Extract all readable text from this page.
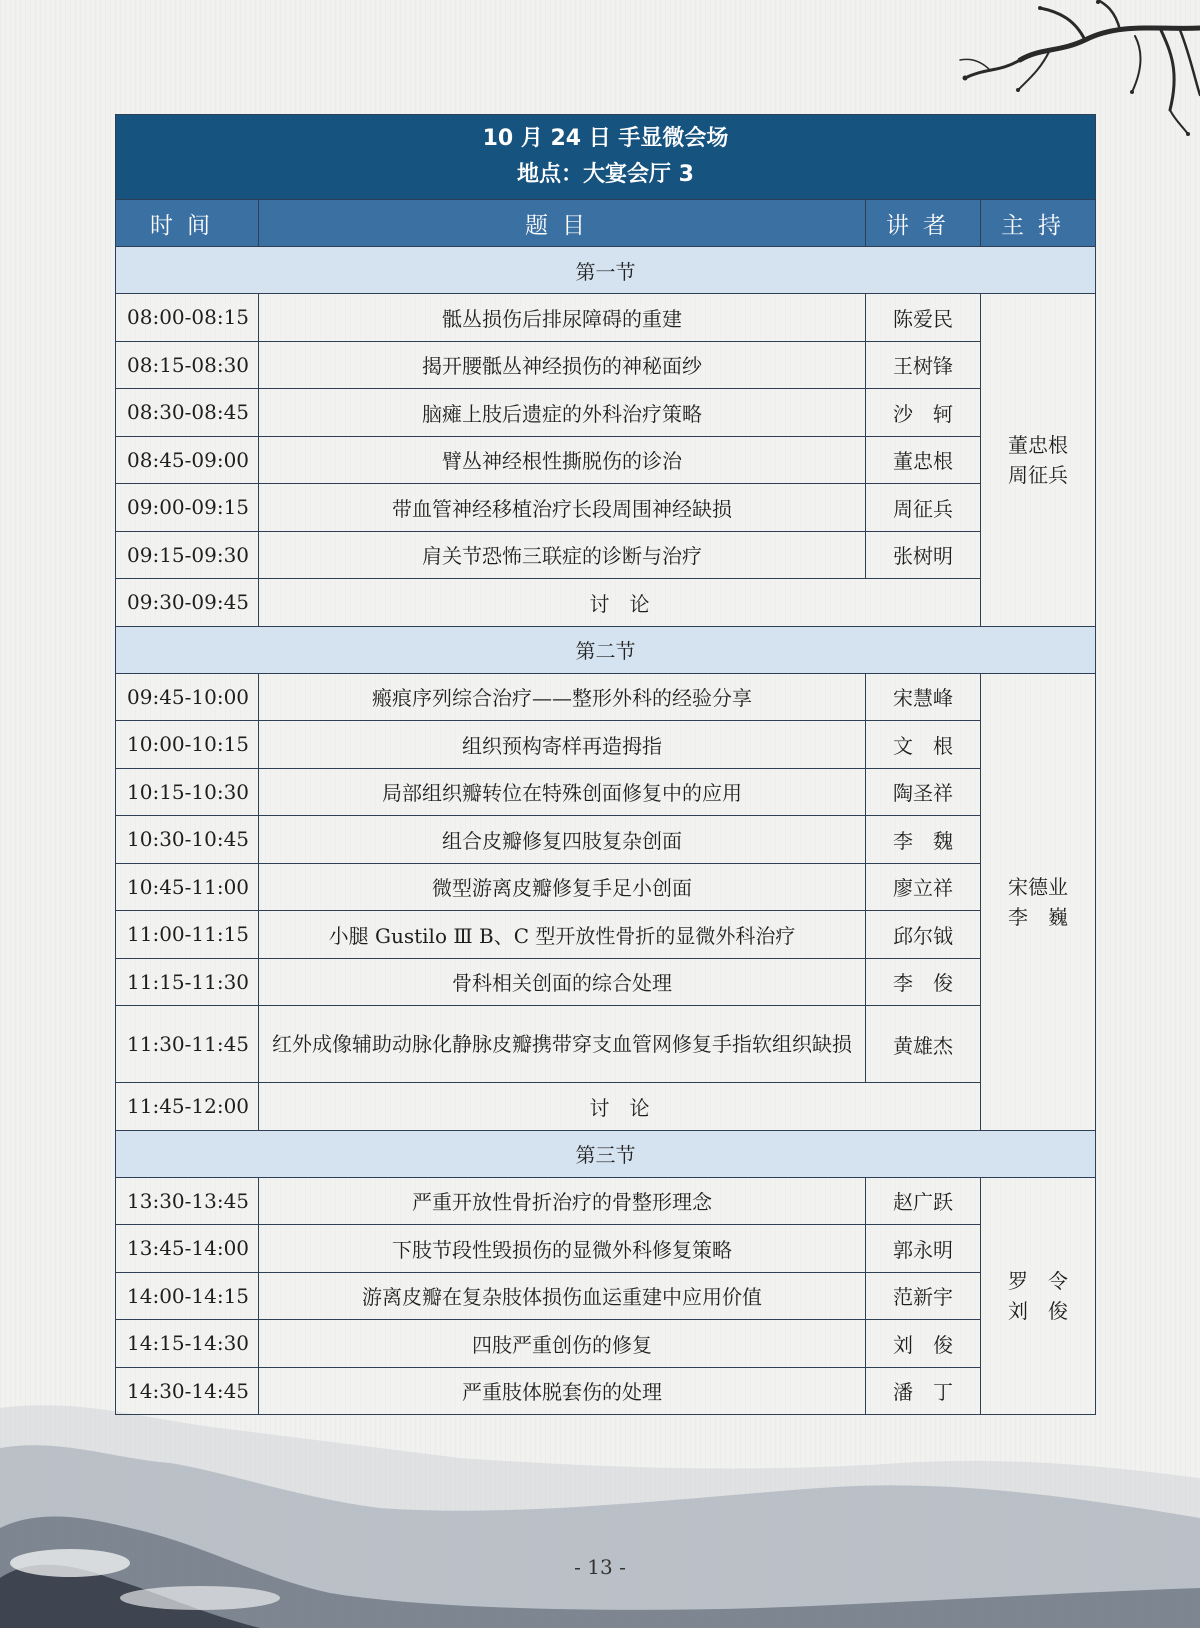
10 月 24 日 手显微会场
地点：大宴会厅 3			

时间	题目	讲者	主持
第一节			
08:00-08:15	骶丛损伤后排尿障碍的重建	陈爱民	董忠根
周征兵
08:15-08:30	揭开腰骶丛神经损伤的神秘面纱	王树锋	
08:30-08:45	脑瘫上肢后遗症的外科治疗策略	沙　轲	
08:45-09:00	臂丛神经根性撕脱伤的诊治	董忠根	
09:00-09:15	带血管神经移植治疗长段周围神经缺损	周征兵	
09:15-09:30	肩关节恐怖三联症的诊断与治疗	张树明	
09:30-09:45	讨论		
第二节			
09:45-10:00	瘢痕序列综合治疗——整形外科的经验分享	宋慧峰	宋德业
李　巍
10:00-10:15	组织预构寄样再造拇指	文　根	
10:15-10:30	局部组织瓣转位在特殊创面修复中的应用	陶圣祥	
10:30-10:45	组合皮瓣修复四肢复杂创面	李　魏	
10:45-11:00	微型游离皮瓣修复手足小创面	廖立祥	
11:00-11:15	小腿 Gustilo Ⅲ B、C 型开放性骨折的显微外科治疗	邱尔钺	
11:15-11:30	骨科相关创面的综合处理	李　俊	
11:30-11:45	红外成像辅助动脉化静脉皮瓣携带穿支血管网修复手指软组织缺损	黄雄杰	
11:45-12:00	讨论		
第三节			
13:30-13:45	严重开放性骨折治疗的骨整形理念	赵广跃	罗　令
刘　俊
13:45-14:00	下肢节段性毁损伤的显微外科修复策略	郭永明	
14:00-14:15	游离皮瓣在复杂肢体损伤血运重建中应用价值	范新宇	
14:15-14:30	四肢严重创伤的修复	刘　俊	
14:30-14:45	严重肢体脱套伤的处理	潘　丁	
- 13 -
